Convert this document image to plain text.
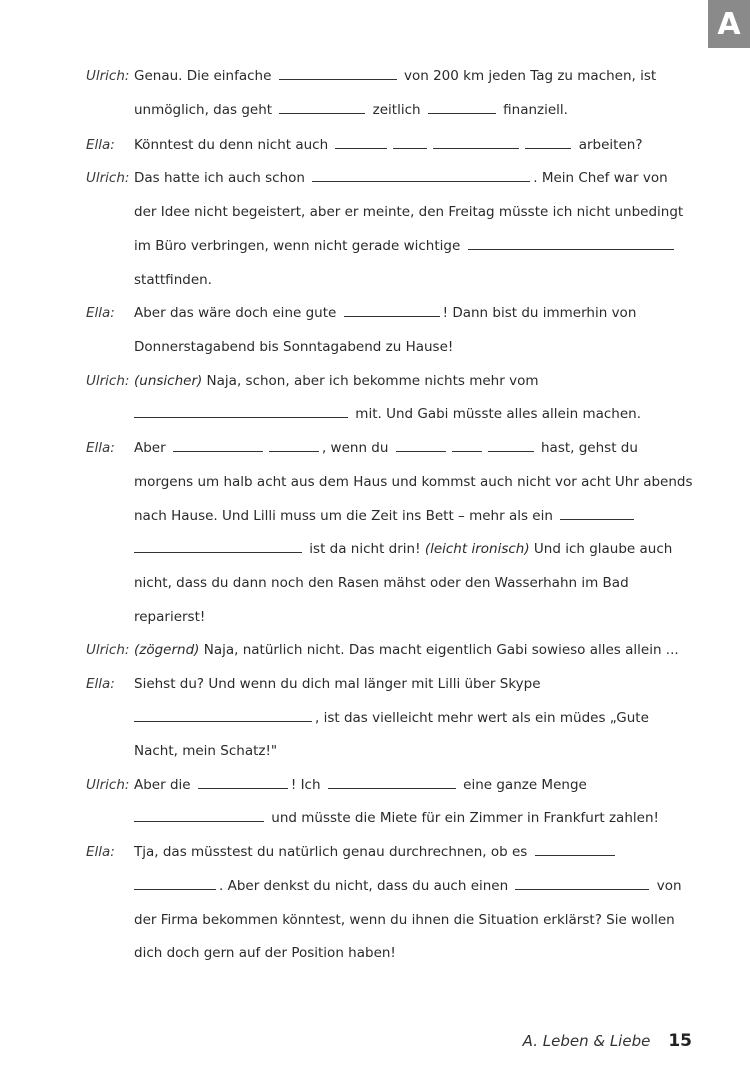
A
Ulrich: Genau. Die einfache	von 200 km jeden Tag zu machen, ist
unmöglich, das geht	zeitlich	finanziell.
Ella: Könntest du denn nicht auch	arbeiten?
Ulrich: Das hatte ich auch schon	. Mein Chef war von
der Idee nicht begeistert, aber er meinte, den Freitag müsste ich nicht unbedingt
im Büro verbringen, wenn nicht gerade wichtige
stattfinden.
Ella: Aber das wäre doch eine gute	! Dann bist du immerhin von
Donnerstagabend bis Sonntagabend zu Hause!
Ulrich: (unsicher) Naja, schon, aber ich bekomme nichts mehr vom
mit. Und Gabi müsste alles allein machen.
Ella: Aber	, wenn du	hast, gehst du
morgens um halb acht aus dem Haus und kommst auch nicht vor acht Uhr abends
nach Hause. Und Lilli muss um die Zeit ins Bett – mehr als ein
ist da nicht drin! (leicht ironisch) Und ich glaube auch
nicht, dass du dann noch den Rasen mähst oder den Wasserhahn im Bad
reparierst!
Ulrich: (zögernd) Naja, natürlich nicht. Das macht eigentlich Gabi sowieso alles allein ...
Ella: Siehst du? Und wenn du dich mal länger mit Lilli über Skype
, ist das vielleicht mehr wert als ein müdes „Gute
Nacht, mein Schatz!"
Ulrich: Aber die	! Ich	eine ganze Menge
und müsste die Miete für ein Zimmer in Frankfurt zahlen!
Ella: Tja, das müsstest du natürlich genau durchrechnen, ob es
. Aber denkst du nicht, dass du auch einen	von
der Firma bekommen könntest, wenn du ihnen die Situation erklärst? Sie wollen
dich doch gern auf der Position haben!
A. Leben & Liebe 15
